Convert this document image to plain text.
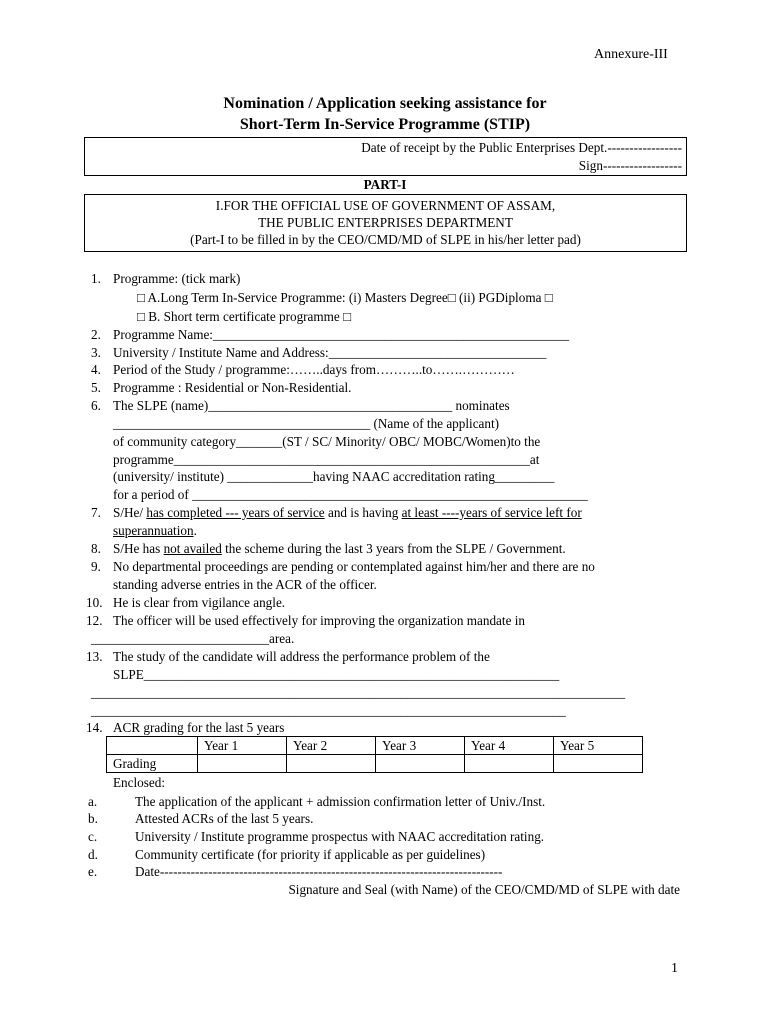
Annexure-III
Nomination / Application seeking assistance for
Short-Term In-Service Programme (STIP)
Date of receipt by the Public Enterprises Dept.-----------------
Sign------------------
PART-I
I.FOR THE OFFICIAL USE OF GOVERNMENT OF ASSAM,
THE PUBLIC ENTERPRISES DEPARTMENT
(Part-I to be filled in by the CEO/CMD/MD of SLPE in his/her letter pad)
1. Programme: (tick mark)
□ A.Long Term In-Service Programme: (i) Masters Degree□ (ii) PGDiploma □
□ B. Short term certificate programme □
2. Programme Name:______________________________________________________
3. University / Institute Name and Address:_________________________________
4. Period of the Study / programme:……..days from………..to…….…………
5. Programme : Residential or Non-Residential.
6. The SLPE (name)_____________________________________ nominates
_______________________________________ (Name of the applicant)
of community category_______(ST / SC/ Minority/ OBC/ MOBC/Women)to the
programme______________________________________________________at
(university/ institute) _____________having NAAC accreditation rating_________
for a period of ____________________________________________________________
7. S/He/ has completed --- years of service and is having at least ----years of service left for
superannuation.
8. S/He has not availed the scheme during the last 3 years from the SLPE / Government.
9. No departmental proceedings are pending or contemplated against him/her and there are no
standing adverse entries in the ACR of the officer.
10. He is clear from vigilance angle.
12. The officer will be used effectively for improving the organization mandate in
___________________________area.
13. The study of the candidate will address the performance problem of the
SLPE_______________________________________________________________
_________________________________________________________________________________
________________________________________________________________________
14. ACR grading for the last 5 years
	Year 1	Year 2	Year 3	Year 4	Year 5
Grading					
Enclosed:
a.	The application of the applicant + admission confirmation letter of Univ./Inst.
b.	Attested ACRs of the last 5 years.
c.	University / Institute programme prospectus with NAAC accreditation rating.
d.	Community certificate (for priority if applicable as per guidelines)
e.	Date------------------------------------------------------------------------------
Signature and Seal (with Name) of the CEO/CMD/MD of SLPE with date
1
